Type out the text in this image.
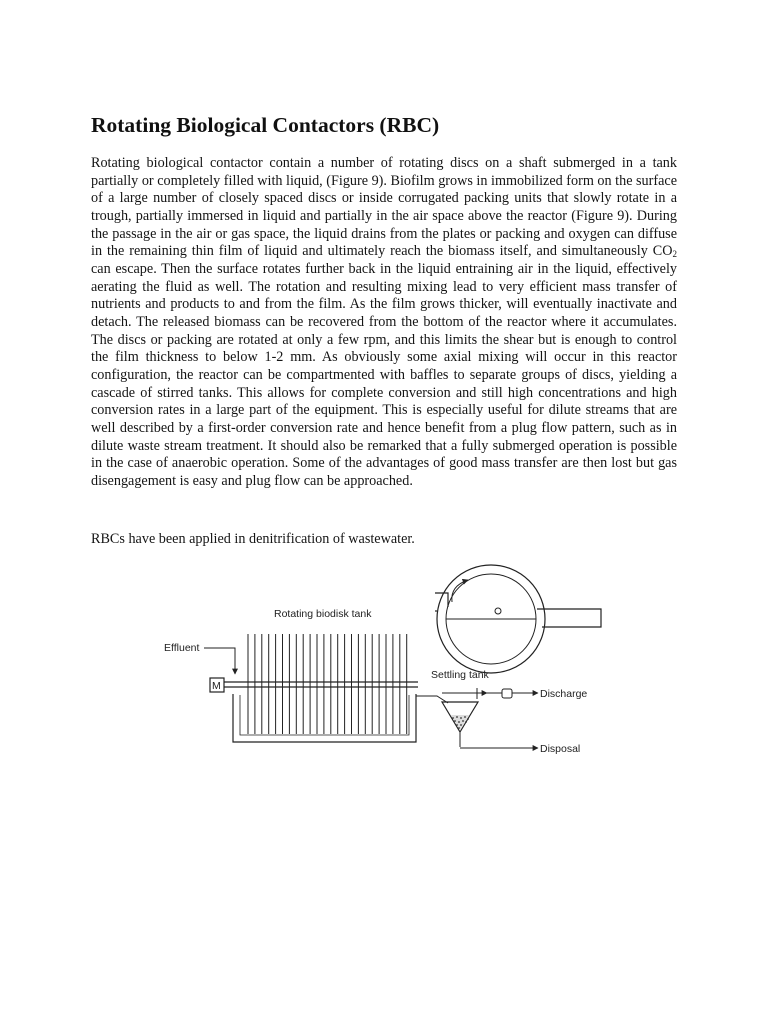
Rotating Biological Contactors (RBC)

Rotating biological contactor contain a number of rotating discs on a shaft submerged in a tank partially or completely filled with liquid, (Figure 9). Biofilm grows in immobilized form on the surface of a large number of closely spaced discs or inside corrugated packing units that slowly rotate in a trough, partially immersed in liquid and partially in the air space above the reactor (Figure 9). During the passage in the air or gas space, the liquid drains from the plates or packing and oxygen can diffuse in the remaining thin film of liquid and ultimately reach the biomass itself, and simultaneously $CO_2$ can escape. Then the surface rotates further back in the liquid entraining air in the liquid, effectively aerating the fluid as well. The rotation and resulting mixing lead to very efficient mass transfer of nutrients and products to and from the film. As the film grows thicker, will eventually inactivate and detach. The released biomass can be recovered from the bottom of the reactor where it accumulates. The discs or packing are rotated at only a few rpm, and this limits the shear but is enough to control the film thickness to below 1-2 mm. As obviously some axial mixing will occur in this reactor configuration, the reactor can be compartmented with baffles to separate groups of discs, yielding a cascade of stirred tanks. This allows for complete conversion and still high concentrations and high conversion rates in a large part of the equipment. This is especially useful for dilute streams that are well described by a first-order conversion rate and hence benefit from a plug flow pattern, such as in dilute waste stream treatment. It should also be remarked that a fully submerged operation is possible in the case of anaerobic operation. Some of the advantages of good mass transfer are then lost but gas disengagement is easy and plug flow can be approached.

RBCs have been applied in denitrification of wastewater.

Rotating biodisk tank
Effluent
M
Settling tank
Discharge
Disposal
